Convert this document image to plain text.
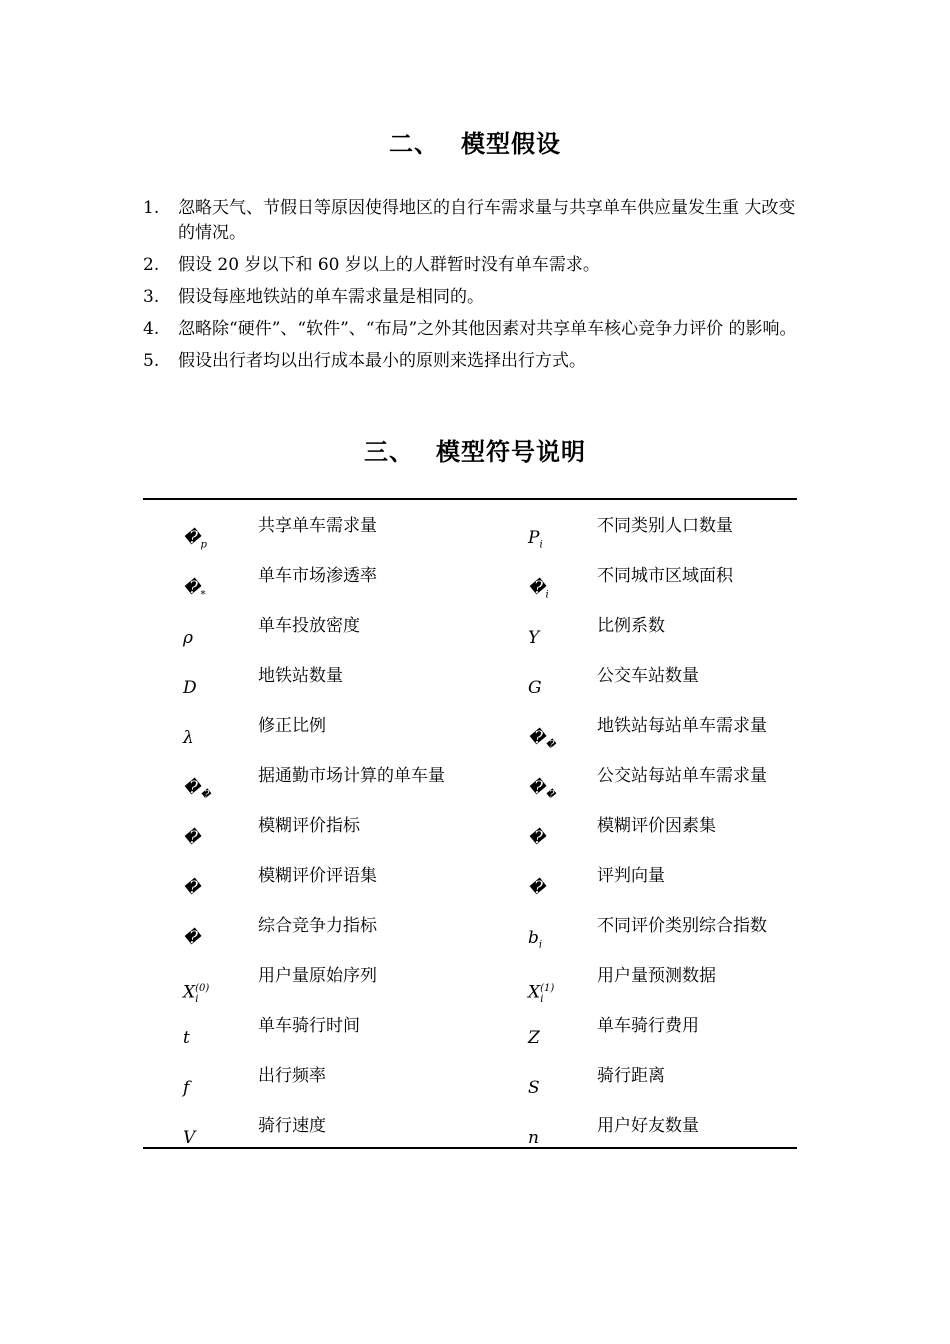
二、 模型假设
1. 忽略天气、节假日等原因使得地区的自行车需求量与共享单车供应量发生重 大改变的情况。
2. 假设 20 岁以下和 60 岁以上的人群暂时没有单车需求。
3. 假设每座地铁站的单车需求量是相同的。
4. 忽略除“硬件”、“软件”、“布局”之外其他因素对共享单车核心竞争力评价 的影响。
5. 假设出行者均以出行成本最小的原则来选择出行方式。
三、 模型符号说明
$�_p$
共享单车需求量
$P_i$
不同类别人口数量
$�_*$
单车市场渗透率
$�_i$
不同城市区域面积
ρ
单车投放密度
Υ
比例系数
D
地铁站数量
G
公交车站数量
λ
修正比例
$�_�$
地铁站每站单车需求量
$�_�$
据通勤市场计算的单车量
$�_�$
公交站每站单车需求量
�
模糊评价指标
�
模糊评价因素集
�
模糊评价评语集
�
评判向量
�
综合竞争力指标
$b_i$
不同评价类别综合指数
$X^{(0)}_i$
用户量原始序列
$X^{(1)}_i$
用户量预测数据
t
单车骑行时间
Z
单车骑行费用
f
出行频率
S
骑行距离
V
骑行速度
n
用户好友数量
